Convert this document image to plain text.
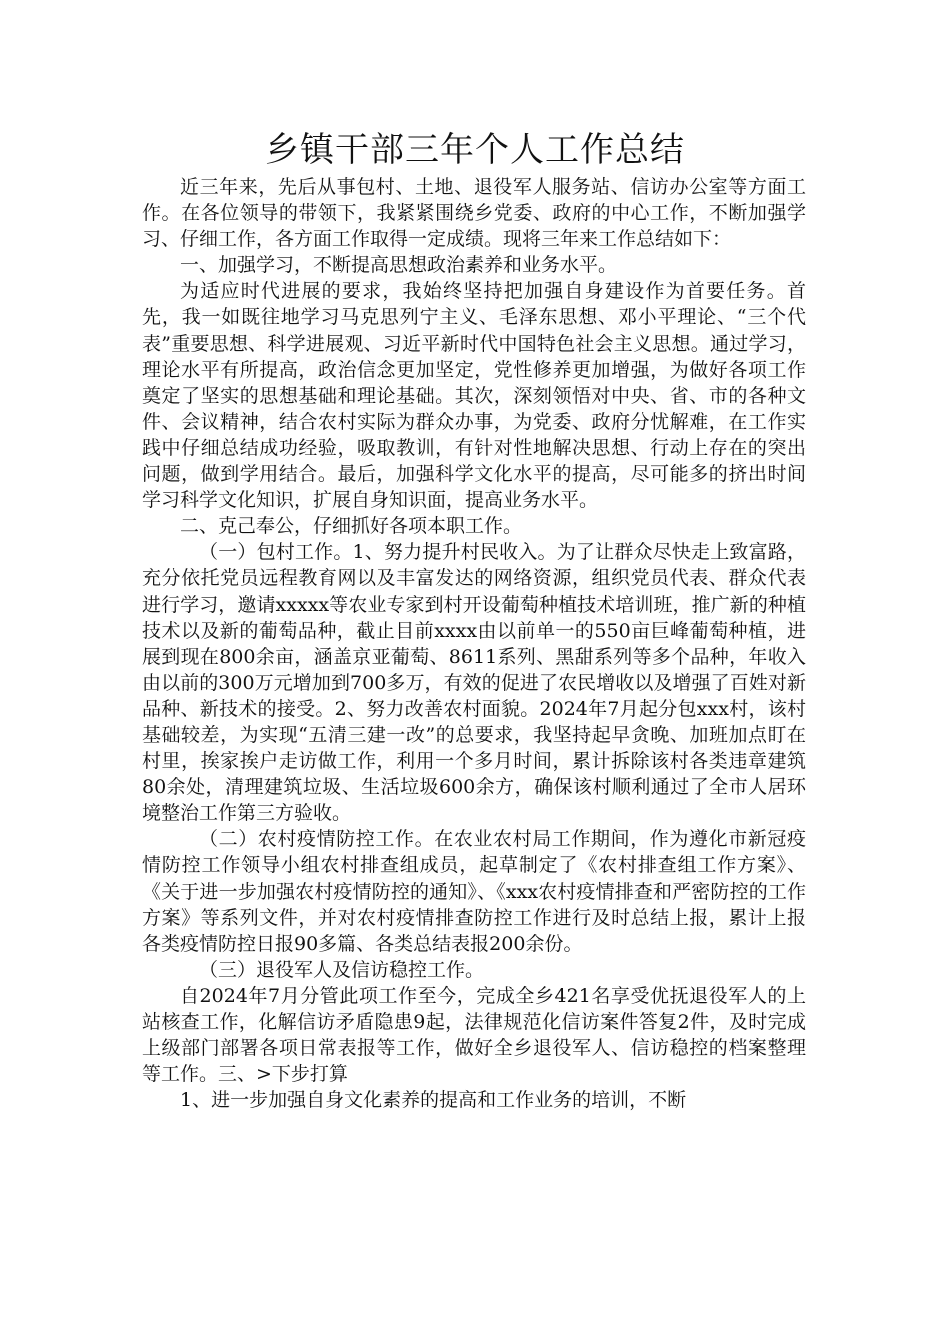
乡镇干部三年个人工作总结

近三年来，先后从事包村、土地、退役军人服务站、信访办公室等方面工作。在各位领导的带领下，我紧紧围绕乡党委、政府的中心工作，不断加强学习、仔细工作，各方面工作取得一定成绩。现将三年来工作总结如下：

一、加强学习，不断提高思想政治素养和业务水平。

为适应时代进展的要求，我始终坚持把加强自身建设作为首要任务。首先，我一如既往地学习马克思列宁主义、毛泽东思想、邓小平理论、“三个代表”重要思想、科学进展观、习近平新时代中国特色社会主义思想。通过学习，理论水平有所提高，政治信念更加坚定，党性修养更加增强，为做好各项工作奠定了坚实的思想基础和理论基础。其次，深刻领悟对中央、省、市的各种文件、会议精神，结合农村实际为群众办事，为党委、政府分忧解难，在工作实践中仔细总结成功经验，吸取教训，有针对性地解决思想、行动上存在的突出问题，做到学用结合。最后，加强科学文化水平的提高，尽可能多的挤出时间学习科学文化知识，扩展自身知识面，提高业务水平。

二、克己奉公，仔细抓好各项本职工作。

（一）包村工作。1、努力提升村民收入。为了让群众尽快走上致富路，充分依托党员远程教育网以及丰富发达的网络资源，组织党员代表、群众代表进行学习，邀请xxxxx等农业专家到村开设葡萄种植技术培训班，推广新的种植技术以及新的葡萄品种，截止目前xxxx由以前单一的550亩巨峰葡萄种植，进展到现在800余亩，涵盖京亚葡萄、8611系列、黑甜系列等多个品种，年收入由以前的300万元增加到700多万，有效的促进了农民增收以及增强了百姓对新品种、新技术的接受。2、努力改善农村面貌。2024年7月起分包xxx村，该村基础较差，为实现“五清三建一改”的总要求，我坚持起早贪晚、加班加点盯在村里，挨家挨户走访做工作，利用一个多月时间，累计拆除该村各类违章建筑80余处，清理建筑垃圾、生活垃圾600余方，确保该村顺利通过了全市人居环境整治工作第三方验收。

（二）农村疫情防控工作。在农业农村局工作期间，作为遵化市新冠疫情防控工作领导小组农村排查组成员，起草制定了《农村排查组工作方案》、《关于进一步加强农村疫情防控的通知》、《xxx农村疫情排查和严密防控的工作方案》等系列文件，并对农村疫情排查防控工作进行及时总结上报，累计上报各类疫情防控日报90多篇、各类总结表报200余份。

（三）退役军人及信访稳控工作。

自2024年7月分管此项工作至今，完成全乡421名享受优抚退役军人的上站核查工作，化解信访矛盾隐患9起，法律规范化信访案件答复2件，及时完成上级部门部署各项日常表报等工作，做好全乡退役军人、信访稳控的档案整理等工作。三、>下步打算

1、进一步加强自身文化素养的提高和工作业务的培训，不断
